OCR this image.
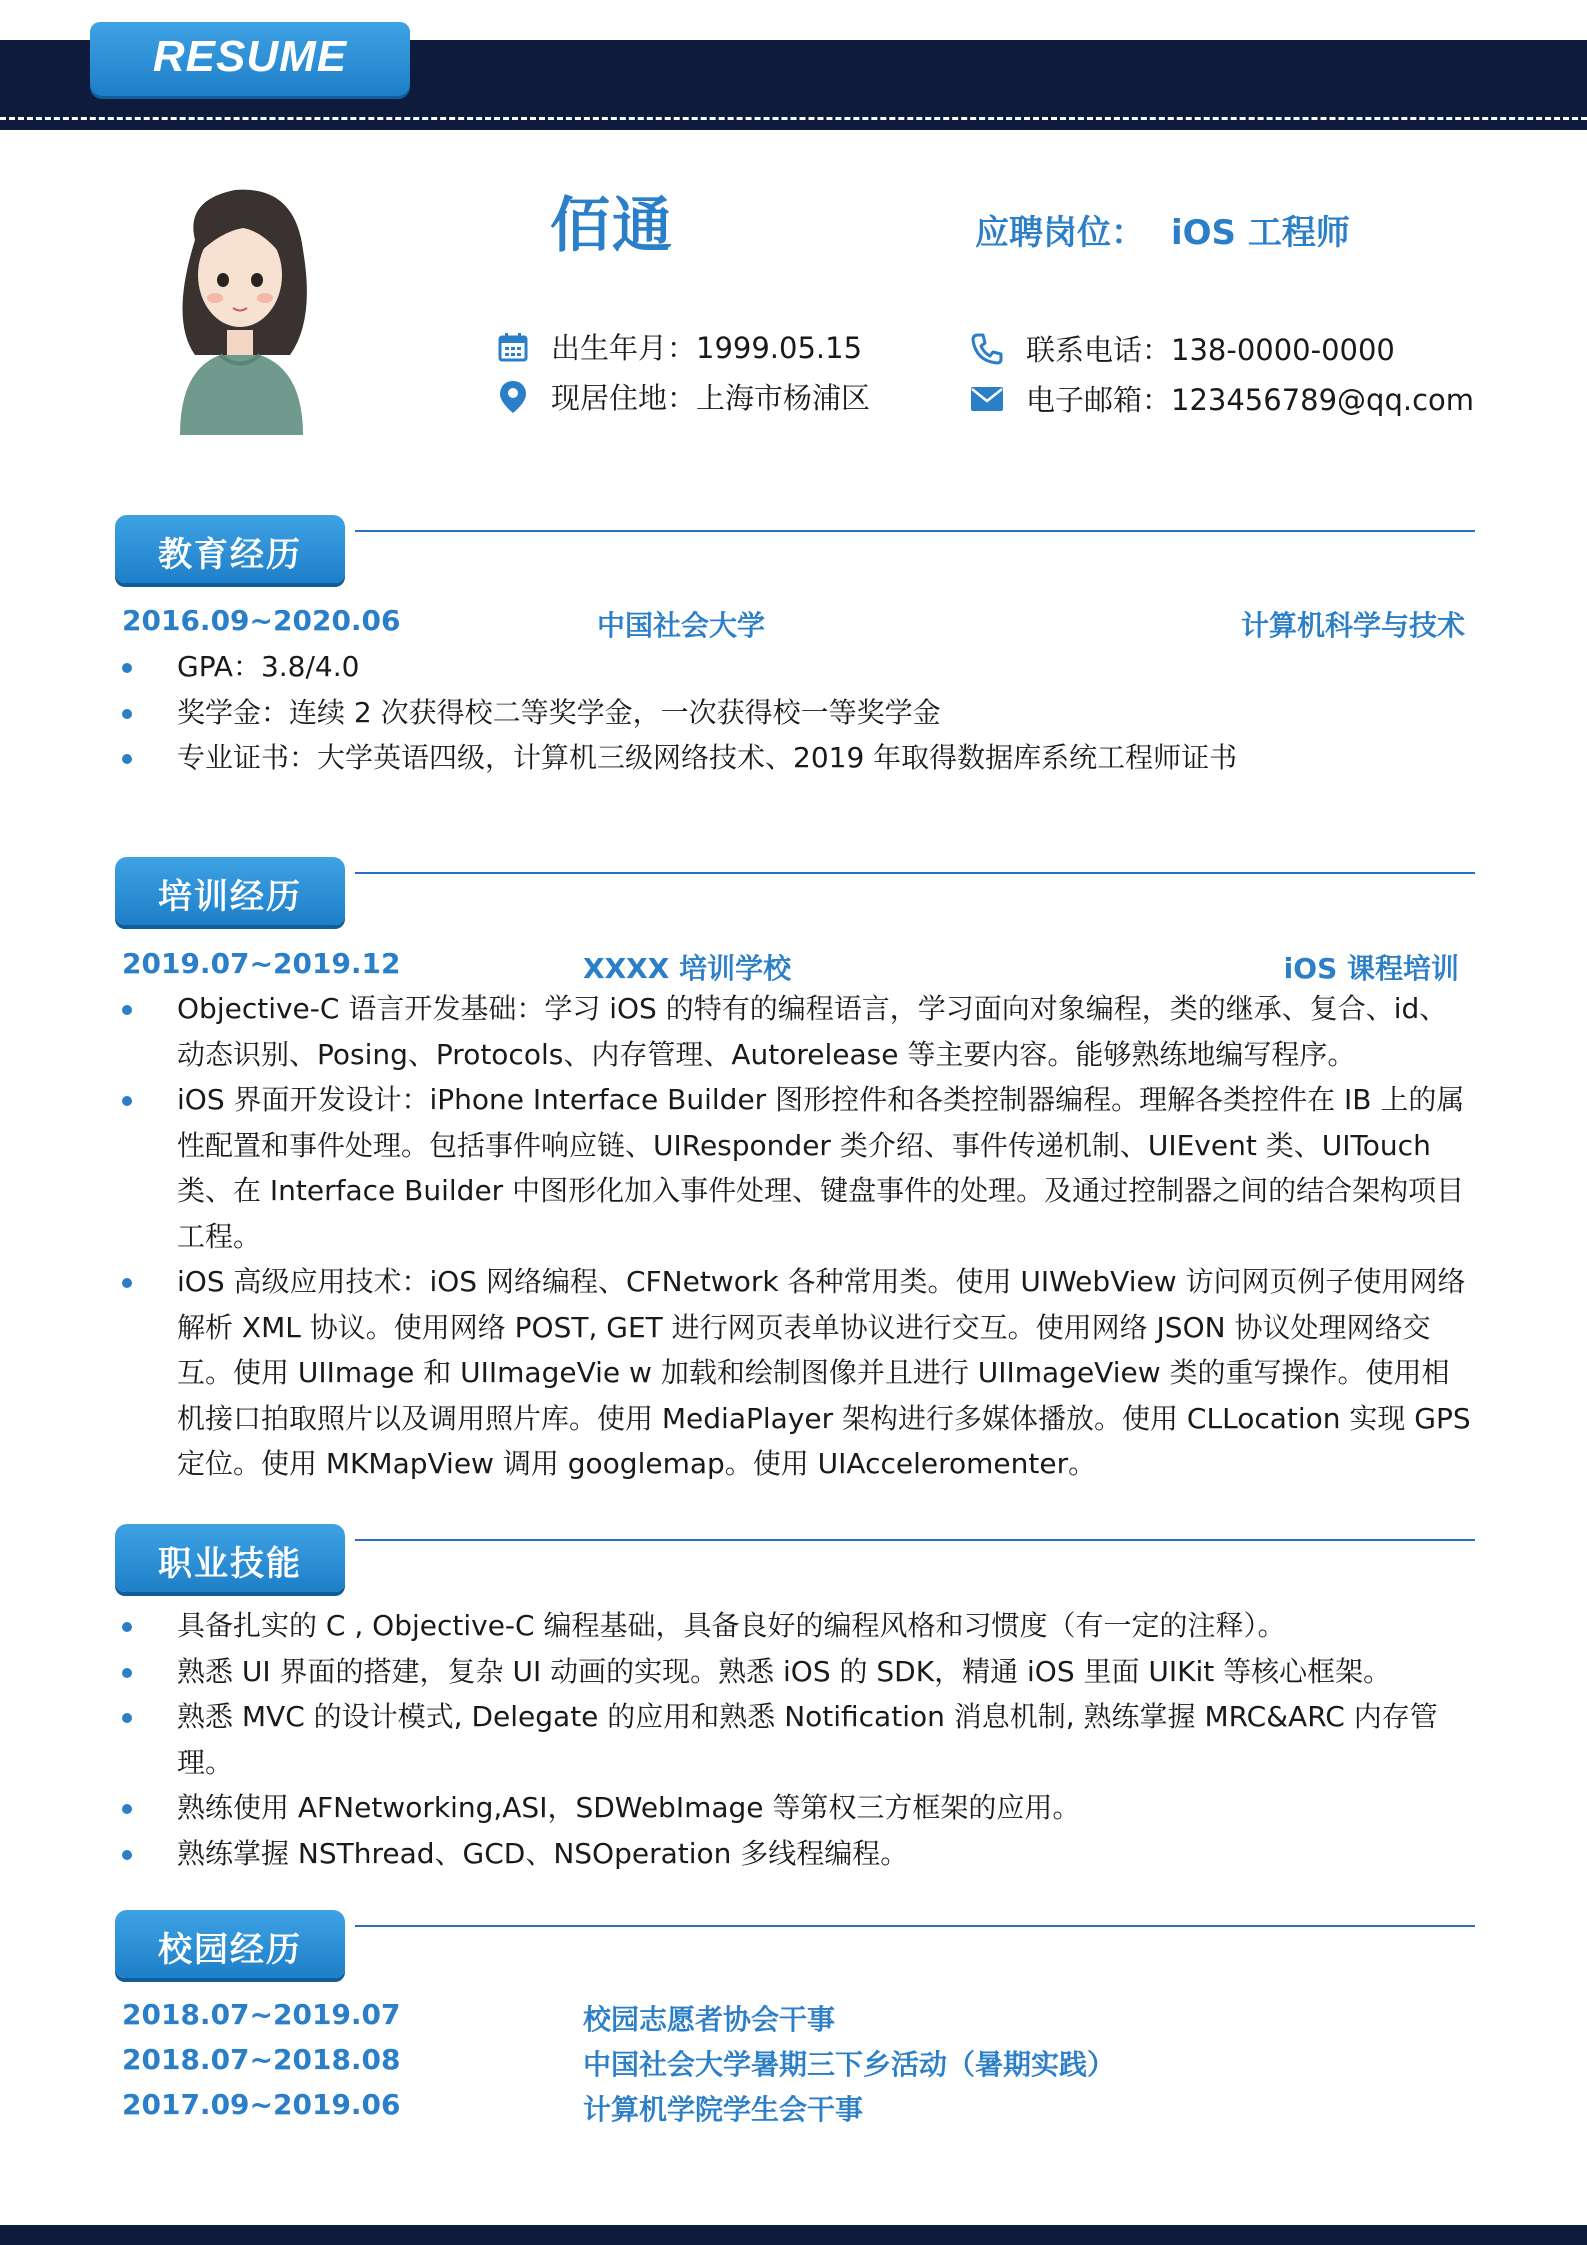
RESUME
佰通	应聘岗位： iOS 工程师
出生年月：1999.05.15
现居住地：上海市杨浦区
联系电话：138-0000-0000
电子邮箱：123456789@qq.com
教育经历
2016.09~2020.06	中国社会大学	计算机科学与技术
GPA：3.8/4.0
奖学金：连续 2 次获得校二等奖学金，一次获得校一等奖学金
专业证书：大学英语四级，计算机三级网络技术、2019 年取得数据库系统工程师证书
培训经历
2019.07~2019.12	XXXX 培训学校	iOS 课程培训
Objective-C 语言开发基础：学习 iOS 的特有的编程语言，学习面向对象编程，类的继承、复合、id、动态识别、Posing、Protocols、内存管理、Autorelease 等主要内容。能够熟练地编写程序。
iOS 界面开发设计：iPhone Interface Builder 图形控件和各类控制器编程。理解各类控件在 IB 上的属性配置和事件处理。包括事件响应链、UIResponder 类介绍、事件传递机制、UIEvent 类、UITouch 类、在 Interface Builder 中图形化加入事件处理、键盘事件的处理。及通过控制器之间的结合架构项目工程。
iOS 高级应用技术：iOS 网络编程、CFNetwork 各种常用类。使用 UIWebView 访问网页例子使用网络解析 XML 协议。使用网络 POST, GET 进行网页表单协议进行交互。使用网络 JSON 协议处理网络交互。使用 UIImage 和 UIImageVie w 加载和绘制图像并且进行 UIImageView 类的重写操作。使用相机接口拍取照片以及调用照片库。使用 MediaPlayer 架构进行多媒体播放。使用 CLLocation 实现 GPS 定位。使用 MKMapView 调用 googlemap。使用 UIAcceleromenter。
职业技能
具备扎实的 C , Objective-C 编程基础，具备良好的编程风格和习惯度（有一定的注释）。
熟悉 UI 界面的搭建，复杂 UI 动画的实现。熟悉 iOS 的 SDK，精通 iOS 里面 UIKit 等核心框架。
熟悉 MVC 的设计模式, Delegate 的应用和熟悉 Notification 消息机制, 熟练掌握 MRC&ARC 内存管理。
熟练使用 AFNetworking,ASI，SDWebImage 等第权三方框架的应用。
熟练掌握 NSThread、GCD、NSOperation 多线程编程。
校园经历
2018.07~2019.07	校园志愿者协会干事
2018.07~2018.08	中国社会大学暑期三下乡活动（暑期实践）
2017.09~2019.06	计算机学院学生会干事
